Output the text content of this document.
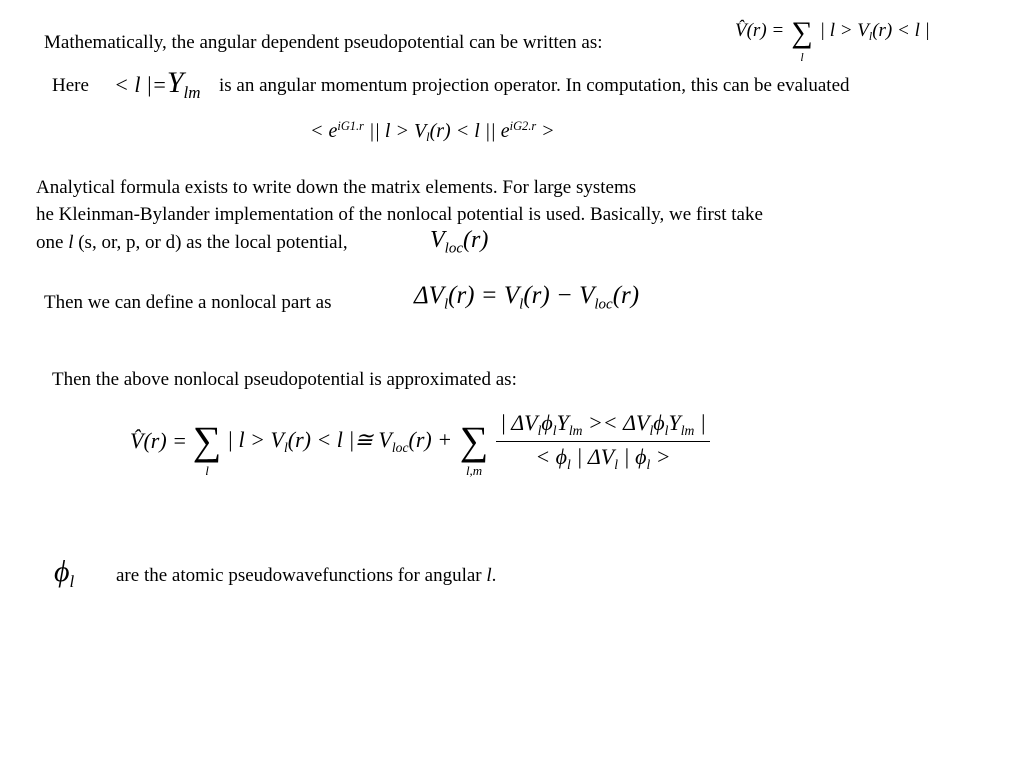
Mathematically, the angular dependent pseudopotential can be written as:
V̂(r) = ∑
l
| $l > V_l(r) < l$ |
Here < l $|=Y_{lm}$ is an angular momentum projection operator. In computation, this can be evaluated
< $e^{iG1.r}$ || $l > V_l(r) < l$ || $e^{iG2.r}$ >
Analytical formula exists to write down the matrix elements. For large systems
he Kleinman-Bylander implementation of the nonlocal potential is used. Basically, we first take
one l (s, or, p, or d) as the local potential,	$V_{loc}(r)$
Then we can define a nonlocal part as	$\Delta V_l(r) = V_l(r) - V_{loc}(r)$
Then the above nonlocal pseudopotential is approximated as:
V̂(r) = ∑
l
| $l > V_l(r) < l$ |≅ $V_{loc}(r)$ + ∑
$l,m \frac{| \Delta V_l\phi_lY_{lm} >< \Delta V_l\phi_lY_{lm} |}{< \phi_l | \Delta V_l | \phi_l >}$
$\phi_l$ are the atomic pseudowavefunctions for angular l.
